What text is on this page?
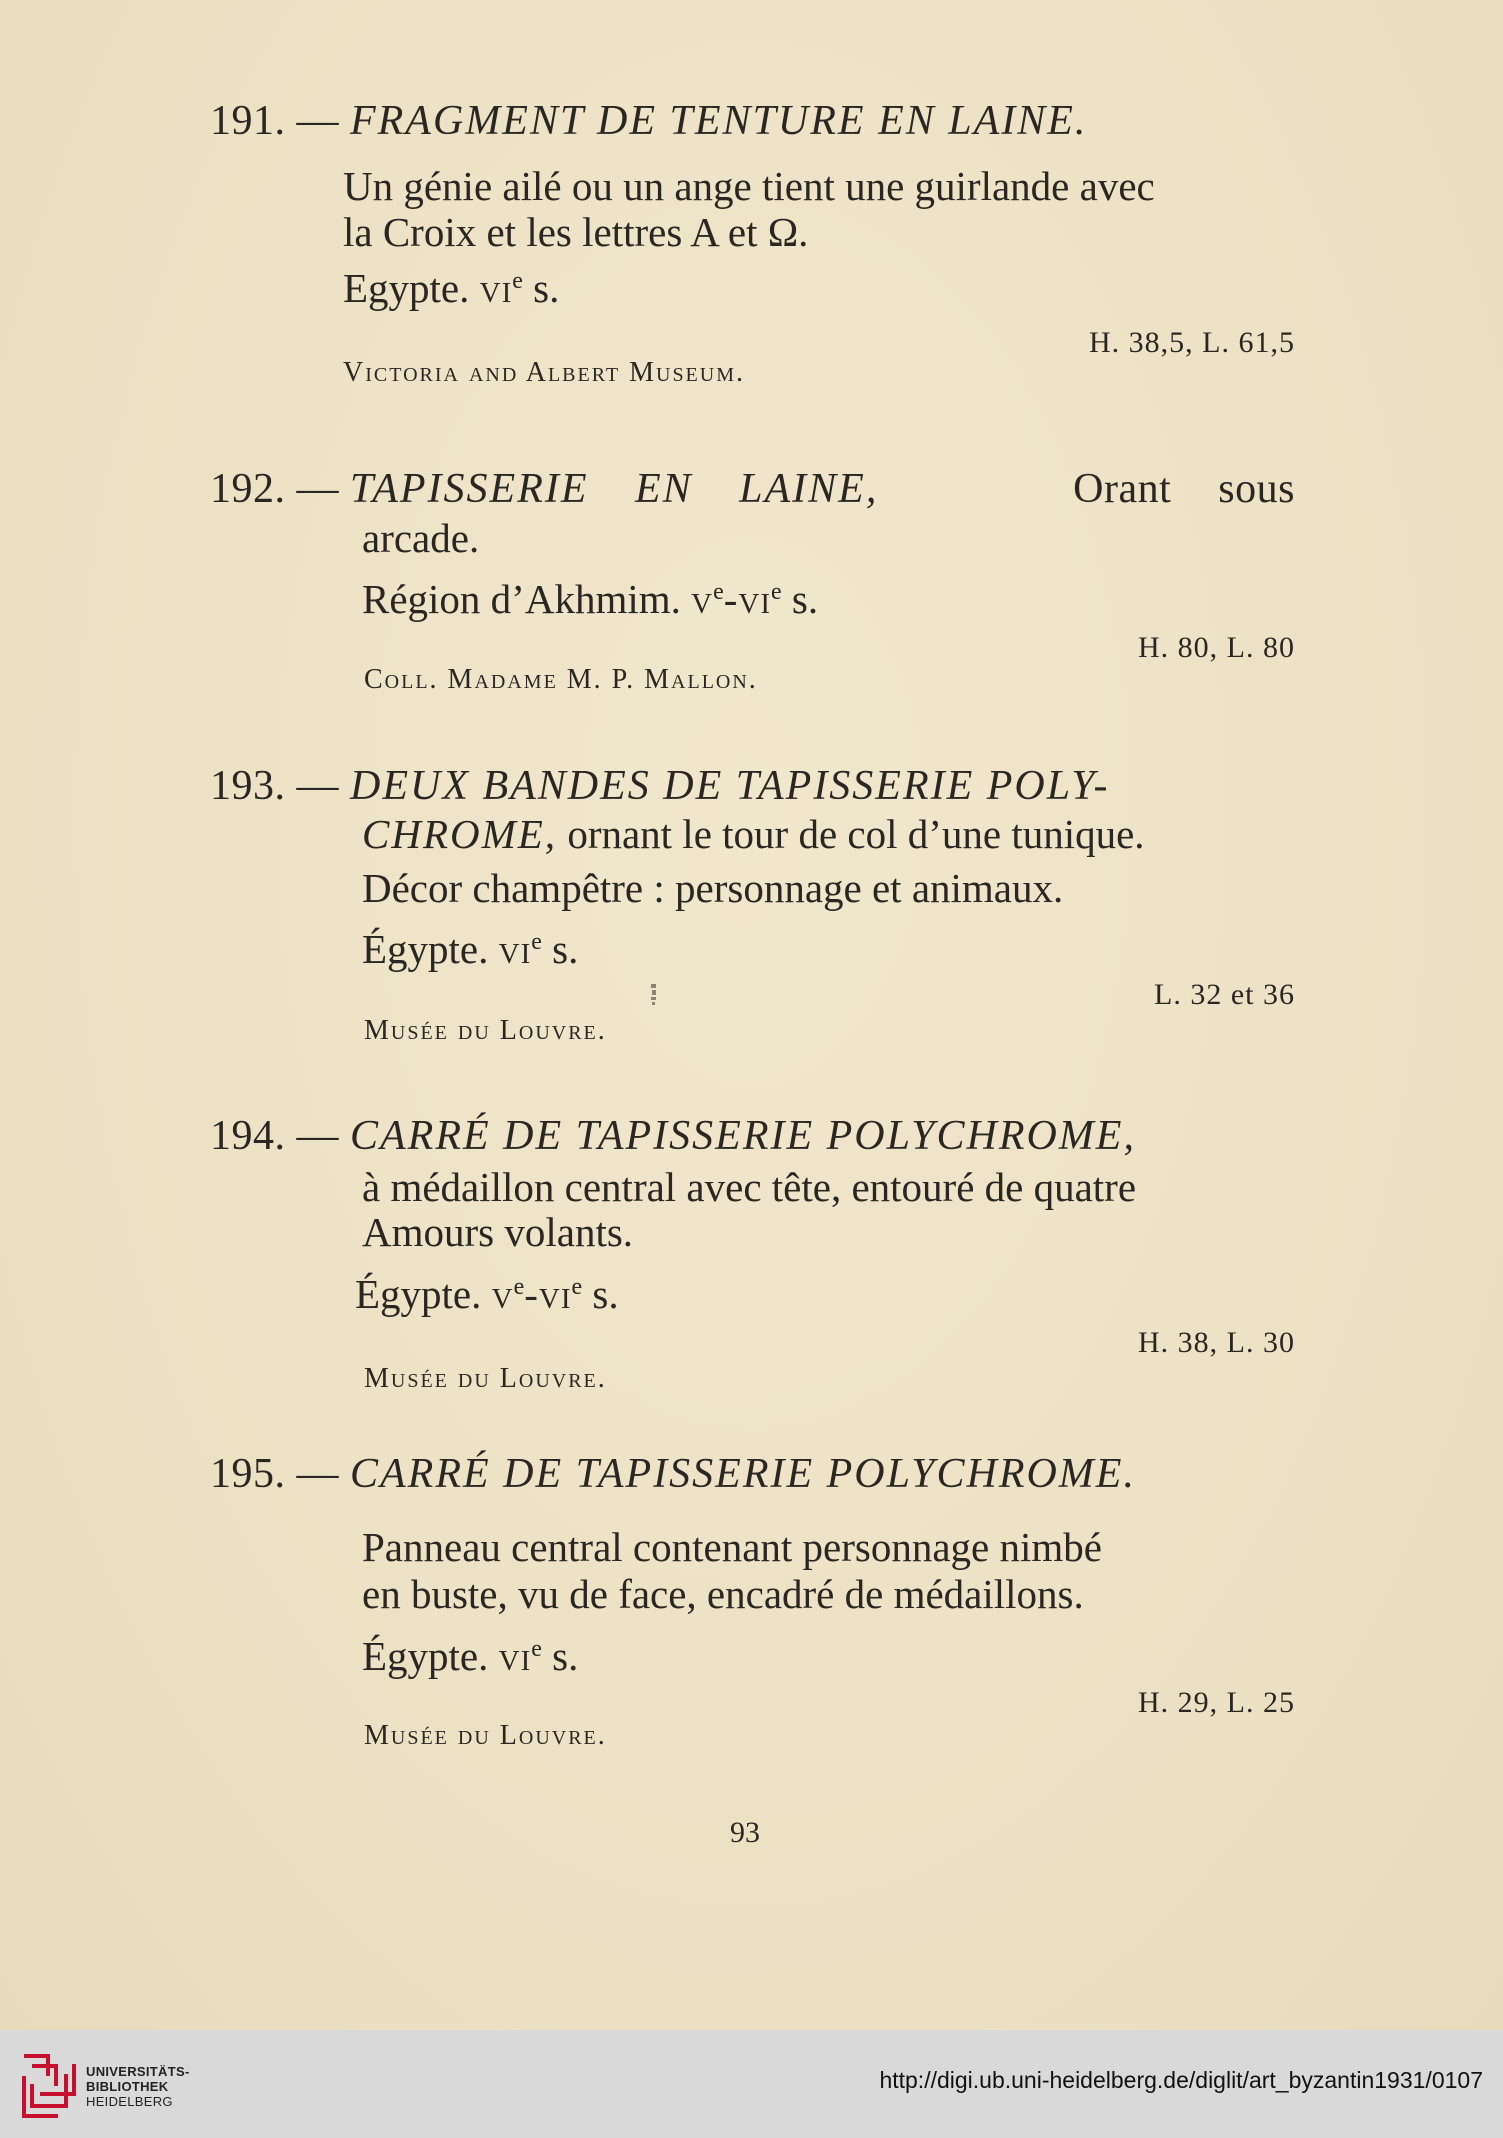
191. — FRAGMENT DE TENTURE EN LAINE.
Un génie ailé ou un ange tient une guirlande avec
la Croix et les lettres A et Ω.
Egypte. $vi^e$ s.
H. 38,5, L. 61,5
Victoria and Albert Museum.
192. — TAPISSERIE EN LAINE,	Orant sous
arcade.
Région d’Akhmim. $v^e-vi^e$ s.
H. 80, L. 80
Coll. Madame M. P. Mallon.
193. — DEUX BANDES DE TAPISSERIE POLY-
CHROME, ornant le tour de col d’une tunique.
Décor champêtre : personnage et animaux.
Égypte. $vi^e$ s.
L. 32 et 36
Musée du Louvre.
194. — CARRÉ DE TAPISSERIE POLYCHROME,
à médaillon central avec tête, entouré de quatre
Amours volants.
Égypte. $v^e-vi^e$ s.
H. 38, L. 30
Musée du Louvre.
195. — CARRÉ DE TAPISSERIE POLYCHROME.
Panneau central contenant personnage nimbé
en buste, vu de face, encadré de médaillons.
Égypte. $vi^e$ s.
H. 29, L. 25
Musée du Louvre.
93
UNIVERSITÄTS-
BIBLIOTHEK
HEIDELBERG
http://digi.ub.uni-heidelberg.de/diglit/art_byzantin1931/0107
